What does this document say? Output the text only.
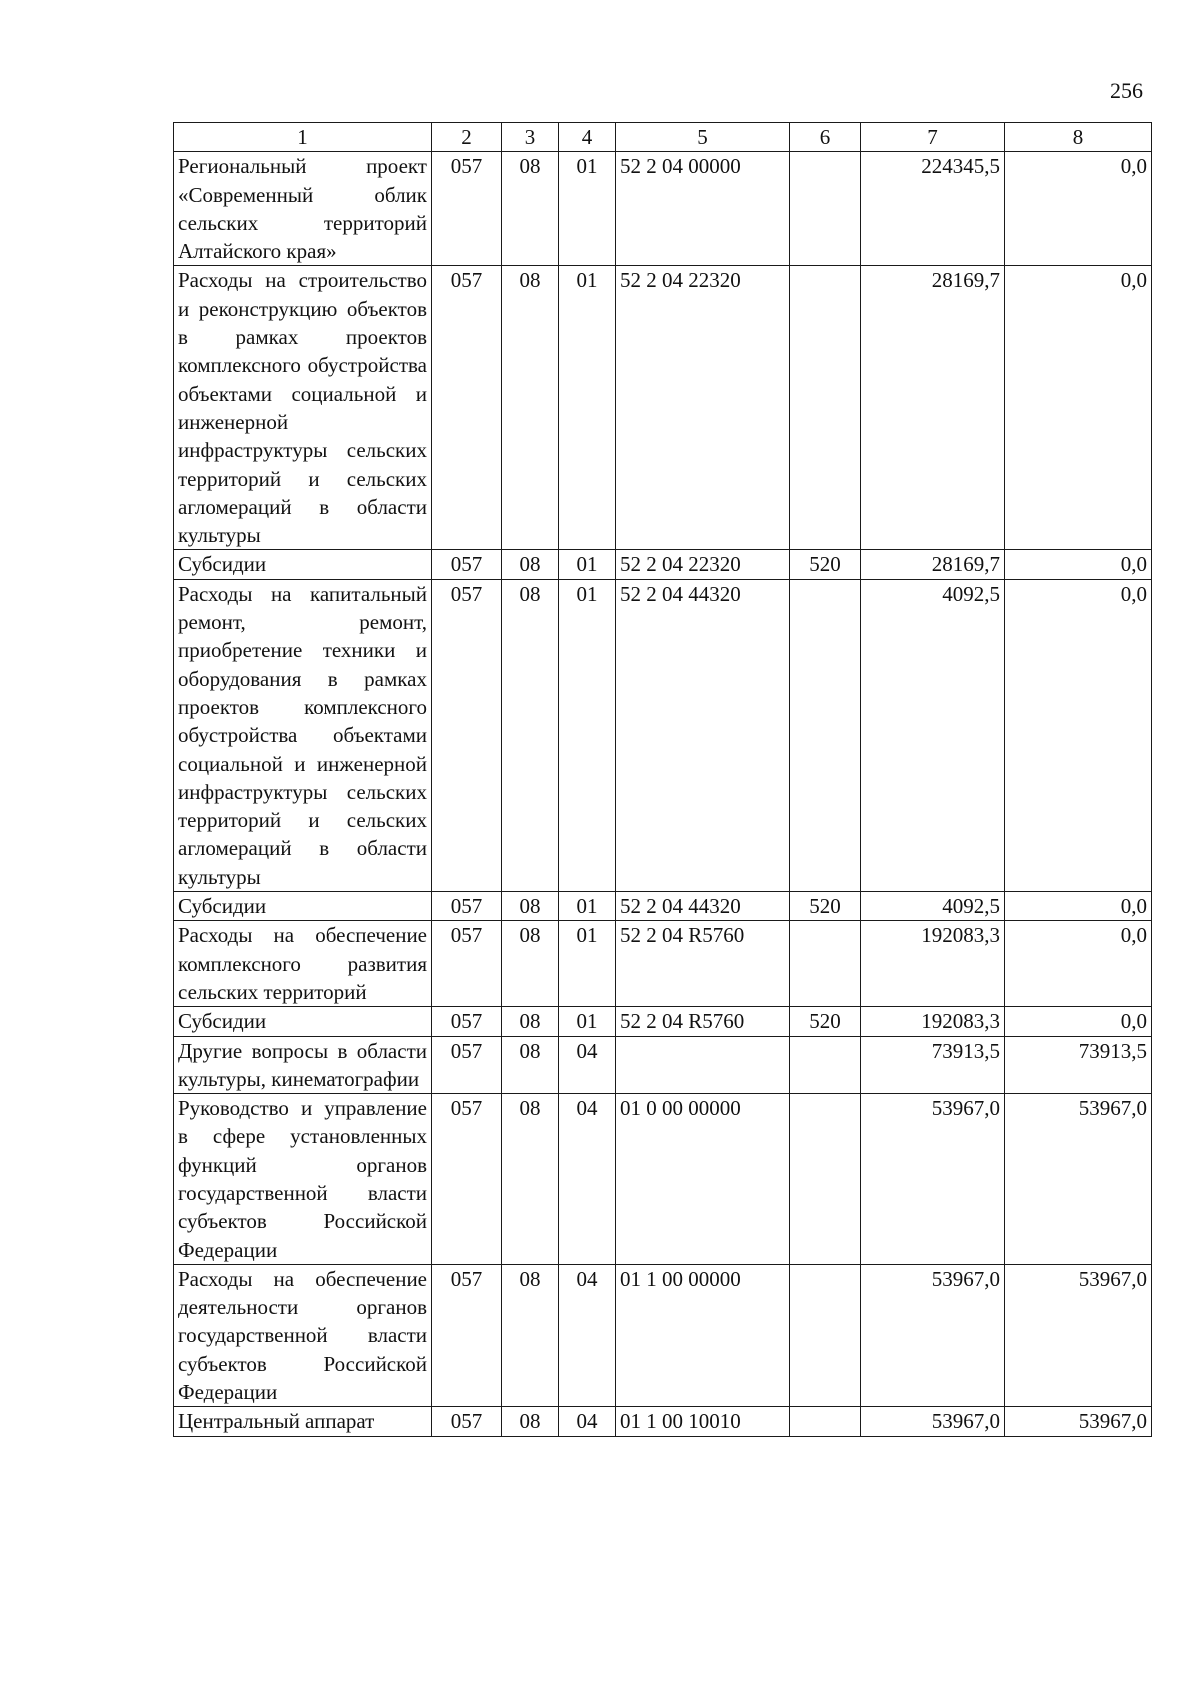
256
1	2	3	4	5	6	7	8
Региональный проект «Современный облик сельских территорий Алтайского края»	057	08	01	52 2 04 00000		224345,5	0,0
Расходы на строительство и реконструкцию объектов в рамках проектов комплексного обустройства объектами социальной и инженерной инфраструктуры сельских территорий и сельских агломераций в области культуры	057	08	01	52 2 04 22320		28169,7	0,0
Субсидии	057	08	01	52 2 04 22320	520	28169,7	0,0
Расходы на капитальный ремонт, ремонт, приобретение техники и оборудования в рамках проектов комплексного обустройства объектами социальной и инженерной инфраструктуры сельских территорий и сельских агломераций в области культуры	057	08	01	52 2 04 44320		4092,5	0,0
Субсидии	057	08	01	52 2 04 44320	520	4092,5	0,0
Расходы на обеспечение комплексного развития сельских территорий	057	08	01	52 2 04 R5760		192083,3	0,0
Субсидии	057	08	01	52 2 04 R5760	520	192083,3	0,0
Другие вопросы в области культуры, кинематографии	057	08	04			73913,5	73913,5
Руководство и управление в сфере установленных функций органов государственной власти субъектов Российской Федерации	057	08	04	01 0 00 00000		53967,0	53967,0
Расходы на обеспечение деятельности органов государственной власти субъектов Российской Федерации	057	08	04	01 1 00 00000		53967,0	53967,0
Центральный аппарат	057	08	04	01 1 00 10010		53967,0	53967,0
